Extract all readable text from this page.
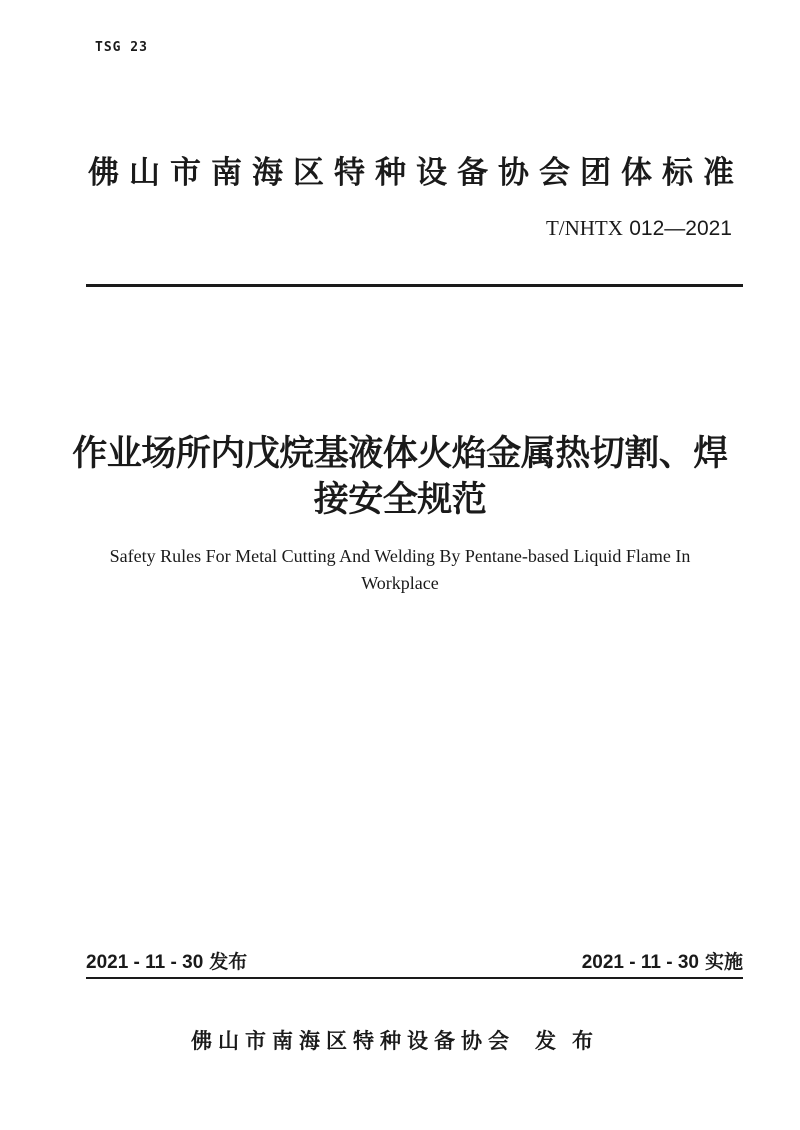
TSG 23
佛山市南海区特种设备协会团体标准
T/NHTX 012—2021
作业场所内戊烷基液体火焰金属热切割、焊
接安全规范
Safety Rules For Metal Cutting And Welding By Pentane-based Liquid Flame In
Workplace
2021 - 11 - 30 发布	2021 - 11 - 30 实施
佛山市南海区特种设备协会 发布
